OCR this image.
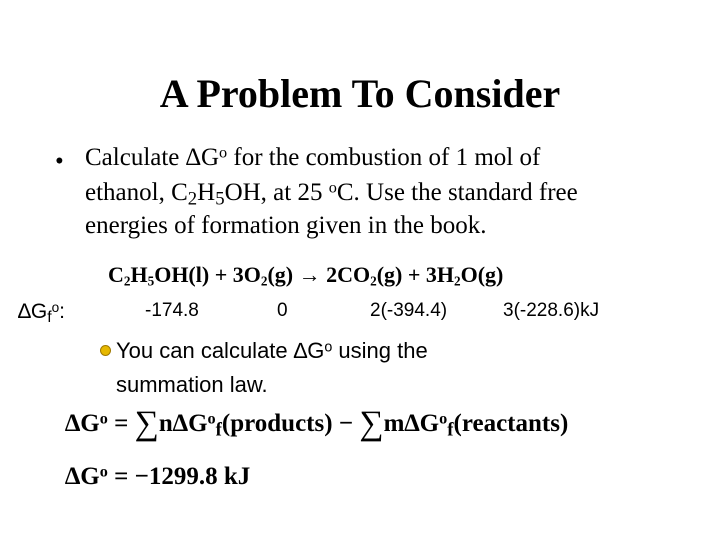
A Problem To Consider
• Calculate $\Delta G^o$ for the combustion of 1 mol of
ethanol, $C_2H_5OH$, at 25 $^o$C. Use the standard free
energies of formation given in the book.
$C_2H_5OH(l) + 3O_2(g) \to 2CO_2(g) + 3H_2O(g)$
$\Delta G_f^o$:	-174.8	0	2(-394.4)	3(-228.6)kJ
You can calculate $\Delta G^o$ using the
summation law.
$\Delta G^o$ = $\sum n\Delta G^o_f(products)$ − $\sum m\Delta G^o_f(reactants)$
$\Delta G^o = -1299.8$ kJ
